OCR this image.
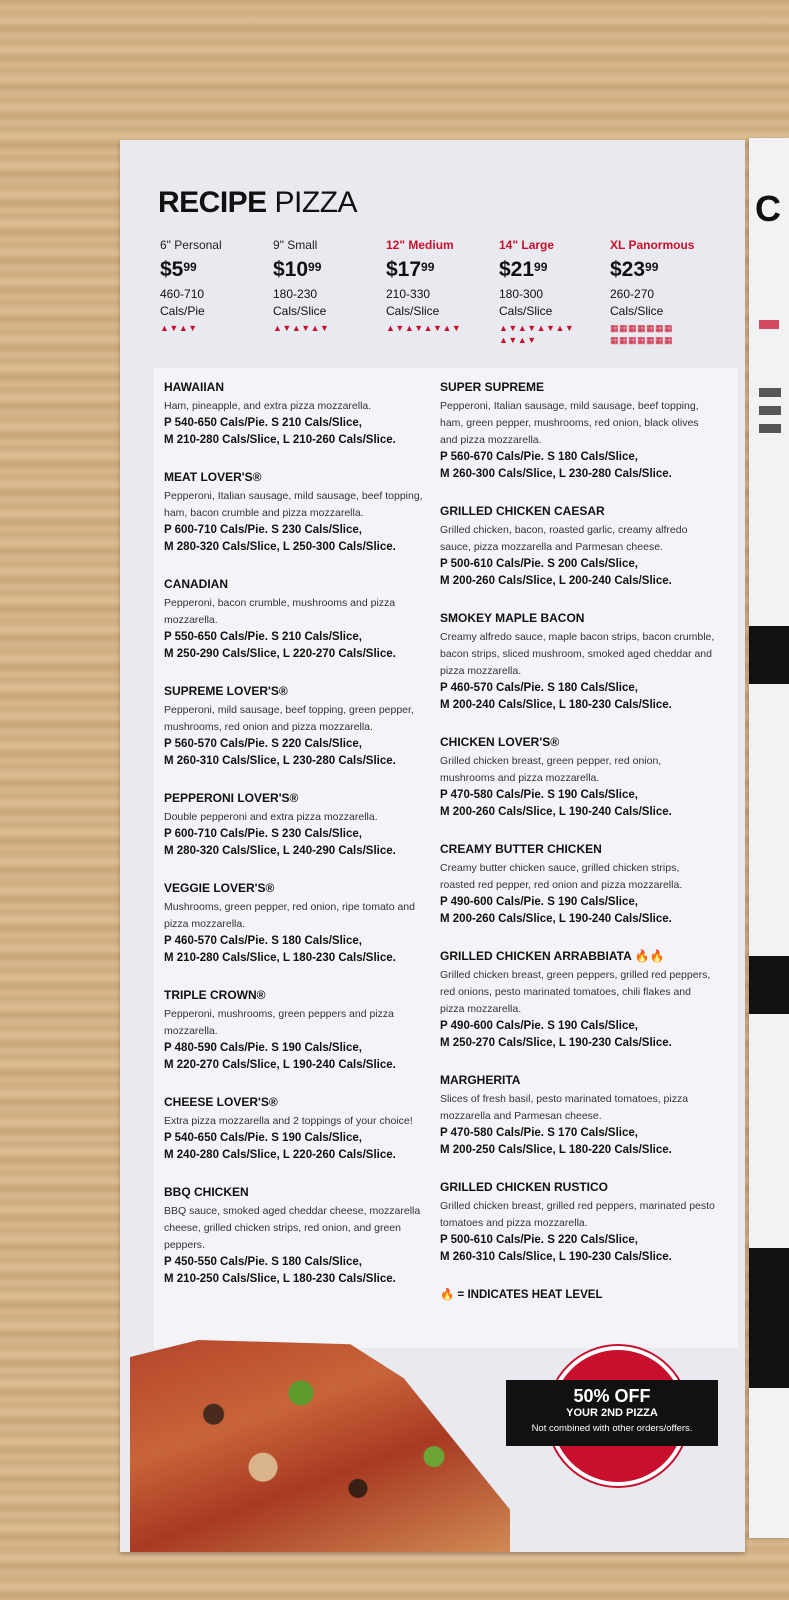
RECIPE PIZZA
6" Personal
$\$5^{99}$
460-710
Cals/Pie
▲▼▲▼
9" Small
$\$10^{99}$
180-230
Cals/Slice
▲▼▲▼▲▼
12" Medium
$\$17^{99}$
210-330
Cals/Slice
▲▼▲▼▲▼▲▼
14" Large
$\$21^{99}$
180-300
Cals/Slice
▲▼▲▼▲▼▲▼ ▲▼▲▼
XL Panormous
$\$23^{99}$
260-270
Cals/Slice
▦▦▦▦▦▦▦ ▦▦▦▦▦▦▦
HAWAIIAN
Ham, pineapple, and extra pizza mozzarella.
P 540-650 Cals/Pie. S 210 Cals/Slice,
M 210-280 Cals/Slice, L 210-260 Cals/Slice.
MEAT LOVER'S®
Pepperoni, Italian sausage, mild sausage, beef topping, ham, bacon crumble and pizza mozzarella.
P 600-710 Cals/Pie. S 230 Cals/Slice,
M 280-320 Cals/Slice, L 250-300 Cals/Slice.
CANADIAN
Pepperoni, bacon crumble, mushrooms and pizza mozzarella.
P 550-650 Cals/Pie. S 210 Cals/Slice,
M 250-290 Cals/Slice, L 220-270 Cals/Slice.
SUPREME LOVER'S®
Pepperoni, mild sausage, beef topping, green pepper, mushrooms, red onion and pizza mozzarella.
P 560-570 Cals/Pie. S 220 Cals/Slice,
M 260-310 Cals/Slice, L 230-280 Cals/Slice.
PEPPERONI LOVER'S®
Double pepperoni and extra pizza mozzarella.
P 600-710 Cals/Pie. S 230 Cals/Slice,
M 280-320 Cals/Slice, L 240-290 Cals/Slice.
VEGGIE LOVER'S®
Mushrooms, green pepper, red onion, ripe tomato and pizza mozzarella.
P 460-570 Cals/Pie. S 180 Cals/Slice,
M 210-280 Cals/Slice, L 180-230 Cals/Slice.
TRIPLE CROWN®
Pepperoni, mushrooms, green peppers and pizza mozzarella.
P 480-590 Cals/Pie. S 190 Cals/Slice,
M 220-270 Cals/Slice, L 190-240 Cals/Slice.
CHEESE LOVER'S®
Extra pizza mozzarella and 2 toppings of your choice!
P 540-650 Cals/Pie. S 190 Cals/Slice,
M 240-280 Cals/Slice, L 220-260 Cals/Slice.
BBQ CHICKEN
BBQ sauce, smoked aged cheddar cheese, mozzarella cheese, grilled chicken strips, red onion, and green peppers.
P 450-550 Cals/Pie. S 180 Cals/Slice,
M 210-250 Cals/Slice, L 180-230 Cals/Slice.
SUPER SUPREME
Pepperoni, Italian sausage, mild sausage, beef topping, ham, green pepper, mushrooms, red onion, black olives and pizza mozzarella.
P 560-670 Cals/Pie. S 180 Cals/Slice,
M 260-300 Cals/Slice, L 230-280 Cals/Slice.
GRILLED CHICKEN CAESAR
Grilled chicken, bacon, roasted garlic, creamy alfredo sauce, pizza mozzarella and Parmesan cheese.
P 500-610 Cals/Pie. S 200 Cals/Slice,
M 200-260 Cals/Slice, L 200-240 Cals/Slice.
SMOKEY MAPLE BACON
Creamy alfredo sauce, maple bacon strips, bacon crumble, bacon strips, sliced mushroom, smoked aged cheddar and pizza mozzarella.
P 460-570 Cals/Pie. S 180 Cals/Slice,
M 200-240 Cals/Slice, L 180-230 Cals/Slice.
CHICKEN LOVER'S®
Grilled chicken breast, green pepper, red onion, mushrooms and pizza mozzarella.
P 470-580 Cals/Pie. S 190 Cals/Slice,
M 200-260 Cals/Slice, L 190-240 Cals/Slice.
CREAMY BUTTER CHICKEN
Creamy butter chicken sauce, grilled chicken strips, roasted red pepper, red onion and pizza mozzarella.
P 490-600 Cals/Pie. S 190 Cals/Slice,
M 200-260 Cals/Slice, L 190-240 Cals/Slice.
GRILLED CHICKEN ARRABBIATA 🔥🔥
Grilled chicken breast, green peppers, grilled red peppers, red onions, pesto marinated tomatoes, chili flakes and pizza mozzarella.
P 490-600 Cals/Pie. S 190 Cals/Slice,
M 250-270 Cals/Slice, L 190-230 Cals/Slice.
MARGHERITA
Slices of fresh basil, pesto marinated tomatoes, pizza mozzarella and Parmesan cheese.
P 470-580 Cals/Pie. S 170 Cals/Slice,
M 200-250 Cals/Slice, L 180-220 Cals/Slice.
GRILLED CHICKEN RUSTICO
Grilled chicken breast, grilled red peppers, marinated pesto tomatoes and pizza mozzarella.
P 500-610 Cals/Pie. S 220 Cals/Slice,
M 260-310 Cals/Slice, L 190-230 Cals/Slice.
🔥 = INDICATES HEAT LEVEL
50% OFF
YOUR 2ND PIZZA
Not combined with other orders/offers.
C
